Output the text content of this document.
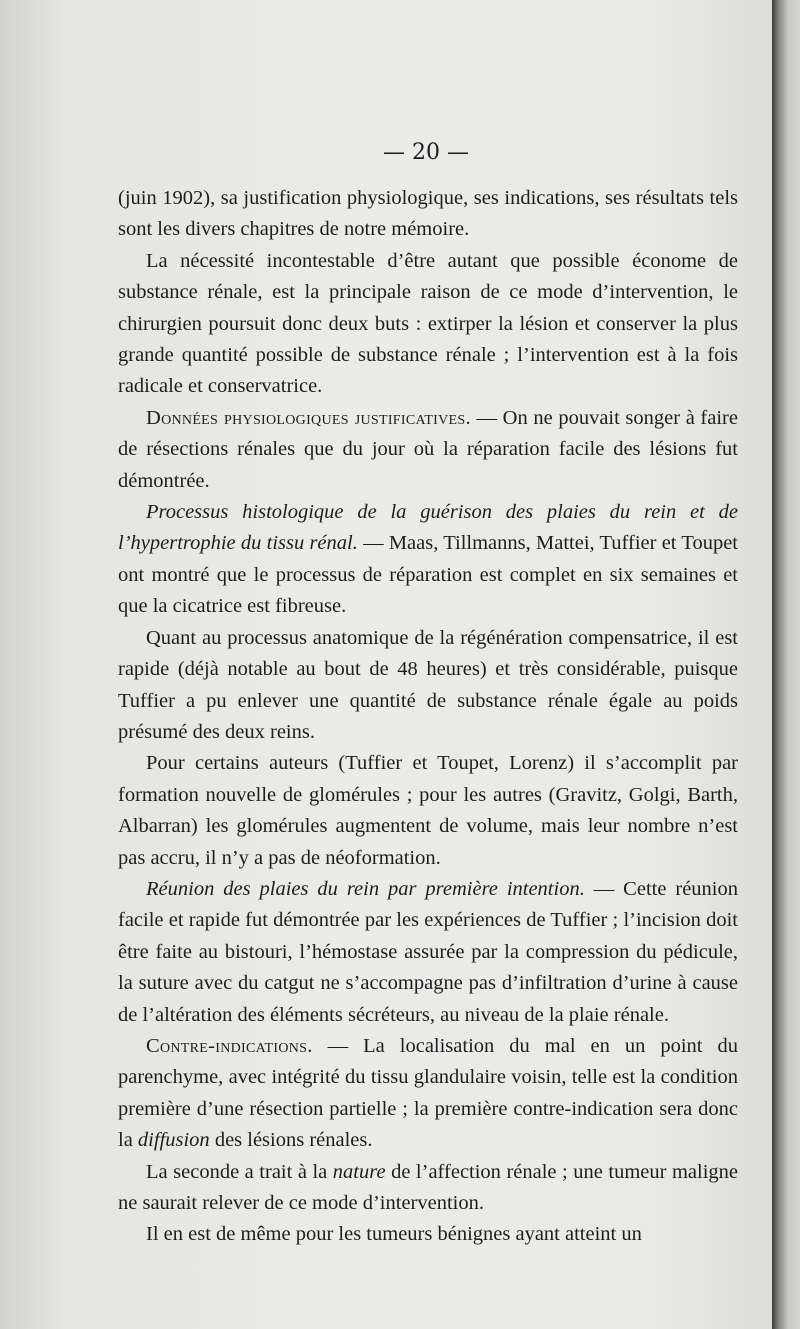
— 20 —

(juin 1902), sa justification physiologique, ses indications, ses résultats tels sont les divers chapitres de notre mémoire.

La nécessité incontestable d’être autant que possible économe de substance rénale, est la principale raison de ce mode d’intervention, le chirurgien poursuit donc deux buts : extirper la lésion et conserver la plus grande quantité possible de substance rénale ; l’intervention est à la fois radicale et conservatrice.

Données physiologiques justificatives. — On ne pouvait songer à faire de résections rénales que du jour où la réparation facile des lésions fut démontrée.

Processus histologique de la guérison des plaies du rein et de l’hypertrophie du tissu rénal. — Maas, Tillmanns, Mattei, Tuffier et Toupet ont montré que le processus de réparation est complet en six semaines et que la cicatrice est fibreuse.

Quant au processus anatomique de la régénération compensatrice, il est rapide (déjà notable au bout de 48 heures) et très considérable, puisque Tuffier a pu enlever une quantité de substance rénale égale au poids présumé des deux reins.

Pour certains auteurs (Tuffier et Toupet, Lorenz) il s’accomplit par formation nouvelle de glomérules ; pour les autres (Gravitz, Golgi, Barth, Albarran) les glomérules augmentent de volume, mais leur nombre n’est pas accru, il n’y a pas de néoformation.

Réunion des plaies du rein par première intention. — Cette réunion facile et rapide fut démontrée par les expériences de Tuffier ; l’incision doit être faite au bistouri, l’hémostase assurée par la compression du pédicule, la suture avec du catgut ne s’accompagne pas d’infiltration d’urine à cause de l’altération des éléments sécréteurs, au niveau de la plaie rénale.

Contre-indications. — La localisation du mal en un point du parenchyme, avec intégrité du tissu glandulaire voisin, telle est la condition première d’une résection partielle ; la première contre-indication sera donc la diffusion des lésions rénales.

La seconde a trait à la nature de l’affection rénale ; une tumeur maligne ne saurait relever de ce mode d’intervention.

Il en est de même pour les tumeurs bénignes ayant atteint un
